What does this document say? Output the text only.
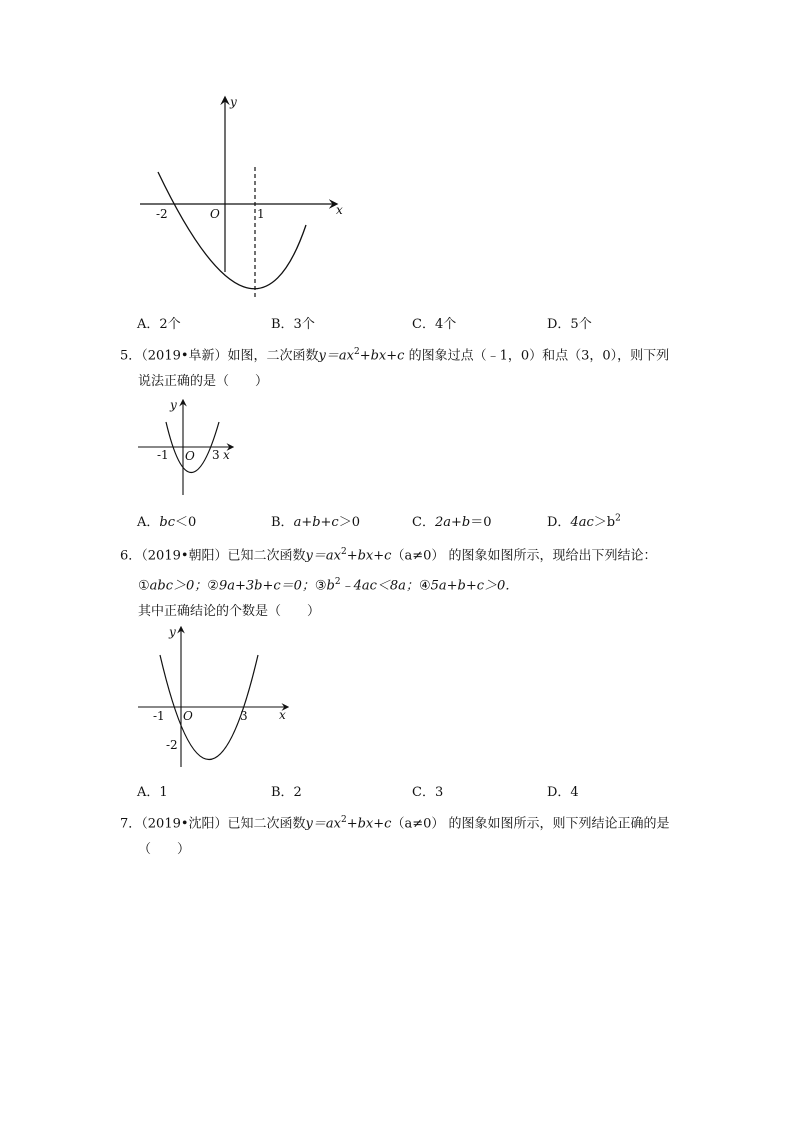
y
x
O
-2	1
A．2个	B．3个	C．4个	D．5个
5．（2019•阜新）如图，二次函数$y=ax^2+bx+c$ 的图象过点（﹣1，0）和点（3，0），则下列
说法正确的是（　　）
y
x
O
-1	3
A．bc＜0	B．a+b+c＞0	C．2a+b＝0	D．$4ac>b^2$
6．（2019•朝阳）已知二次函数$y=ax^2+bx+c(a\ne 0)$ 的图象如图所示，现给出下列结论：
①abc＞0；②9a+3b+c＝0；$③b^2﹣4ac<8a$；④5a+b+c＞0．
其中正确结论的个数是（　　）
y
x
O
-1	3
-2
A．1	B．2	C．3	D．4
7．（2019•沈阳）已知二次函数$y=ax^2+bx+c(a\ne 0)$ 的图象如图所示，则下列结论正确的是
（　　）
